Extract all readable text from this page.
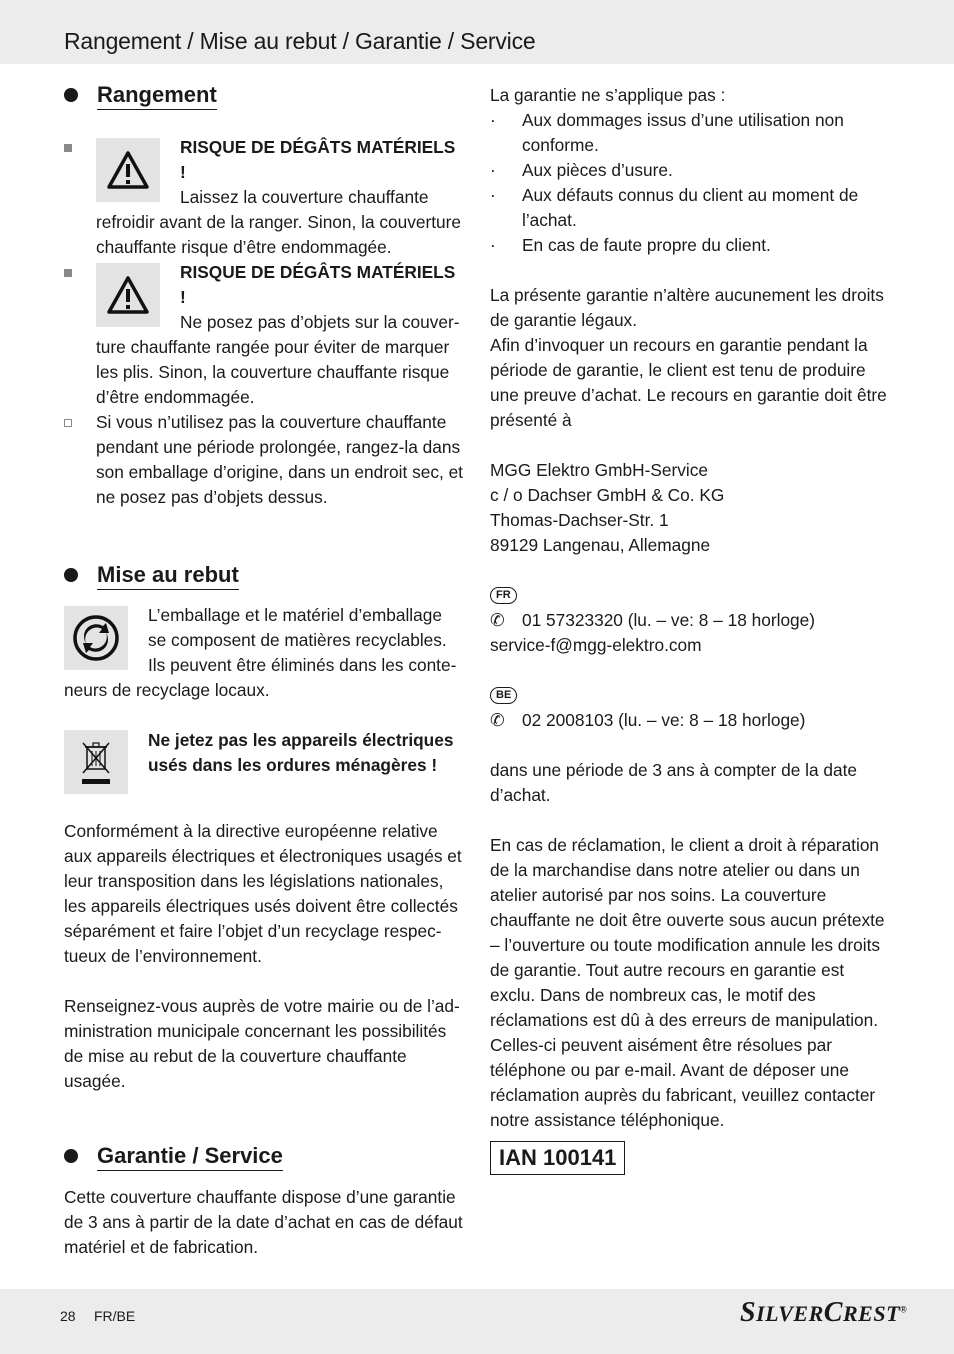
Rangement / Mise au rebut / Garantie / Service
Rangement
RISQUE DE DÉGÂTS MATÉRIELS !
Laissez la couverture chauffante refroidir avant de la ranger. Sinon, la couverture chauffante risque d’être endommagée.
RISQUE DE DÉGÂTS MATÉRIELS !
Ne posez pas d’objets sur la couverture chauffante rangée pour éviter de marquer les plis. Sinon, la couverture chauffante risque d’être endommagée.
Si vous n’utilisez pas la couverture chauffante pendant une période prolongée, rangez-la dans son emballage d’origine, dans un endroit sec, et ne posez pas d’objets dessus.
Mise au rebut
L’emballage et le matériel d’emballage se composent de matières recyclables. Ils peuvent être éliminés dans les conteneurs de recyclage locaux.
Ne jetez pas les appareils électriques usés dans les ordures ménagères !

Conformément à la directive européenne relative aux appareils électriques et électroniques usagés et leur transposition dans les législations nationales, les appareils électriques usés doivent être collectés séparément et faire l’objet d’un recyclage respectueux de l’environnement.

Renseignez-vous auprès de votre mairie ou de l’administration municipale concernant les possibilités de mise au rebut de la couverture chauffante usagée.

Garantie / Service

Cette couverture chauffante dispose d’une garantie de 3 ans à partir de la date d’achat en cas de défaut matériel et de fabrication.

La garantie ne s’applique pas :

· Aux dommages issus d’une utilisation non conforme.
· Aux pièces d’usure.
· Aux défauts connus du client au moment de l’achat.
· En cas de faute propre du client.

La présente garantie n’altère aucunement les droits de garantie légaux.

Afin d’invoquer un recours en garantie pendant la période de garantie, le client est tenu de produire une preuve d’achat. Le recours en garantie doit être présenté à

MGG Elektro GmbH-Service
c / o Dachser GmbH & Co. KG
Thomas-Dachser-Str. 1
89129 Langenau, Allemagne
FR
✆	01 57323320 (lu. – ve: 8 – 18 horloge)
service-f@mgg-elektro.com
BE
✆	02 2008103 (lu. – ve: 8 – 18 horloge)

dans une période de 3 ans à compter de la date d’achat.

En cas de réclamation, le client a droit à réparation de la marchandise dans notre atelier ou dans un atelier autorisé par nos soins. La couverture chauffante ne doit être ouverte sous aucun prétexte – l’ouverture ou toute modification annule les droits de garantie. Tout autre recours en garantie est exclu. Dans de nombreux cas, le motif des réclamations est dû à des erreurs de manipulation. Celles-ci peuvent aisément être résolues par téléphone ou par e-mail. Avant de déposer une réclamation auprès du fabricant, veuillez contacter notre assistance téléphonique.

IAN 100141
28 FR/BE	SILVERCREST®
